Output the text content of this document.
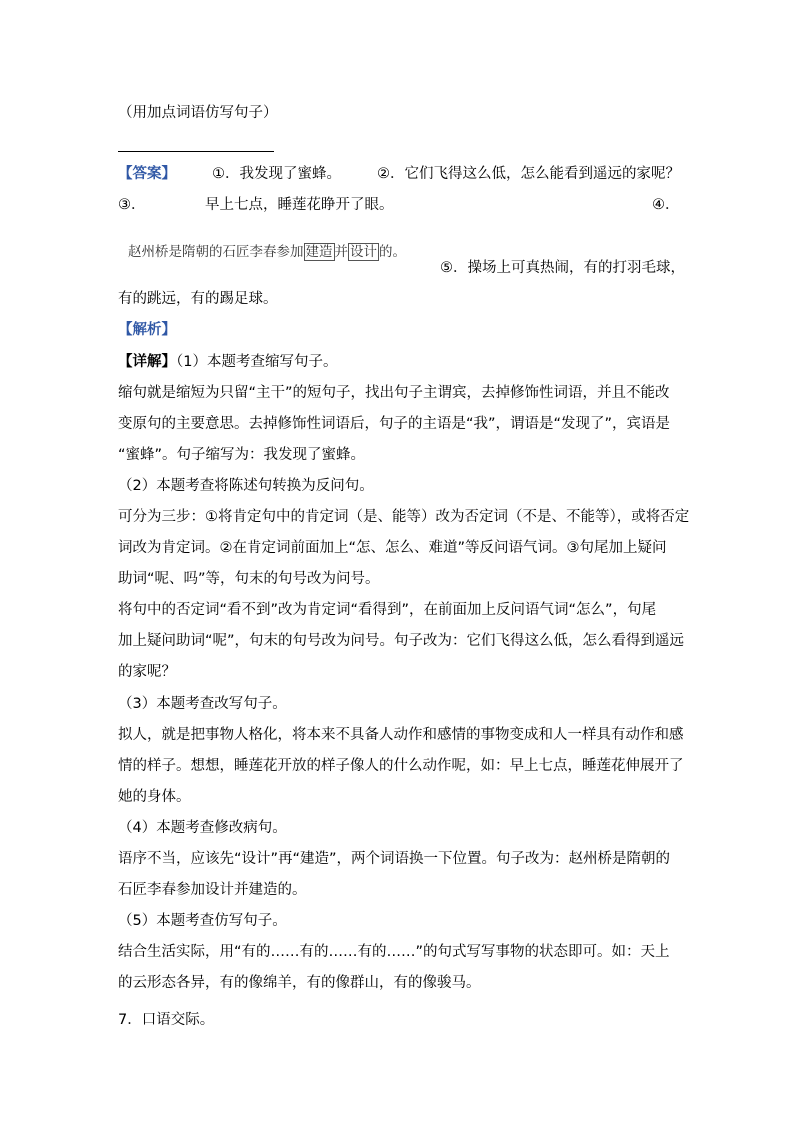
（用加点词语仿写句子）
【答案】 ①．我发现了蜜蜂。 ②．它们飞得这么低，怎么能看到遥远的家呢？
③．	早上七点，睡莲花睁开了眼。	④．
赵州桥是隋朝的石匠李春参加 建造 并 设计 的。
⑤．操场上可真热闹，有的打羽毛球，
有的跳远，有的踢足球。
【解析】
【详解】（1）本题考查缩写句子。
缩句就是缩短为只留“主干”的短句子，找出句子主谓宾，去掉修饰性词语，并且不能改
变原句的主要意思。去掉修饰性词语后，句子的主语是“我”，谓语是“发现了”，宾语是
“蜜蜂”。句子缩写为：我发现了蜜蜂。
（2）本题考查将陈述句转换为反问句。
可分为三步：①将肯定句中的肯定词（是、能等）改为否定词（不是、不能等），或将否定
词改为肯定词。②在肯定词前面加上“怎、怎么、难道”等反问语气词。③句尾加上疑问
助词“呢、吗”等，句末的句号改为问号。
将句中的否定词“看不到”改为肯定词“看得到”，在前面加上反问语气词“怎么”，句尾
加上疑问助词“呢”，句末的句号改为问号。句子改为：它们飞得这么低，怎么看得到遥远
的家呢？
（3）本题考查改写句子。
拟人，就是把事物人格化，将本来不具备人动作和感情的事物变成和人一样具有动作和感
情的样子。想想，睡莲花开放的样子像人的什么动作呢，如：早上七点，睡莲花伸展开了
她的身体。
（4）本题考查修改病句。
语序不当，应该先“设计”再“建造”，两个词语换一下位置。句子改为：赵州桥是隋朝的
石匠李春参加设计并建造的。
（5）本题考查仿写句子。
结合生活实际，用“有的……有的……有的……”的句式写写事物的状态即可。如：天上
的云形态各异，有的像绵羊，有的像群山，有的像骏马。
7．口语交际。
